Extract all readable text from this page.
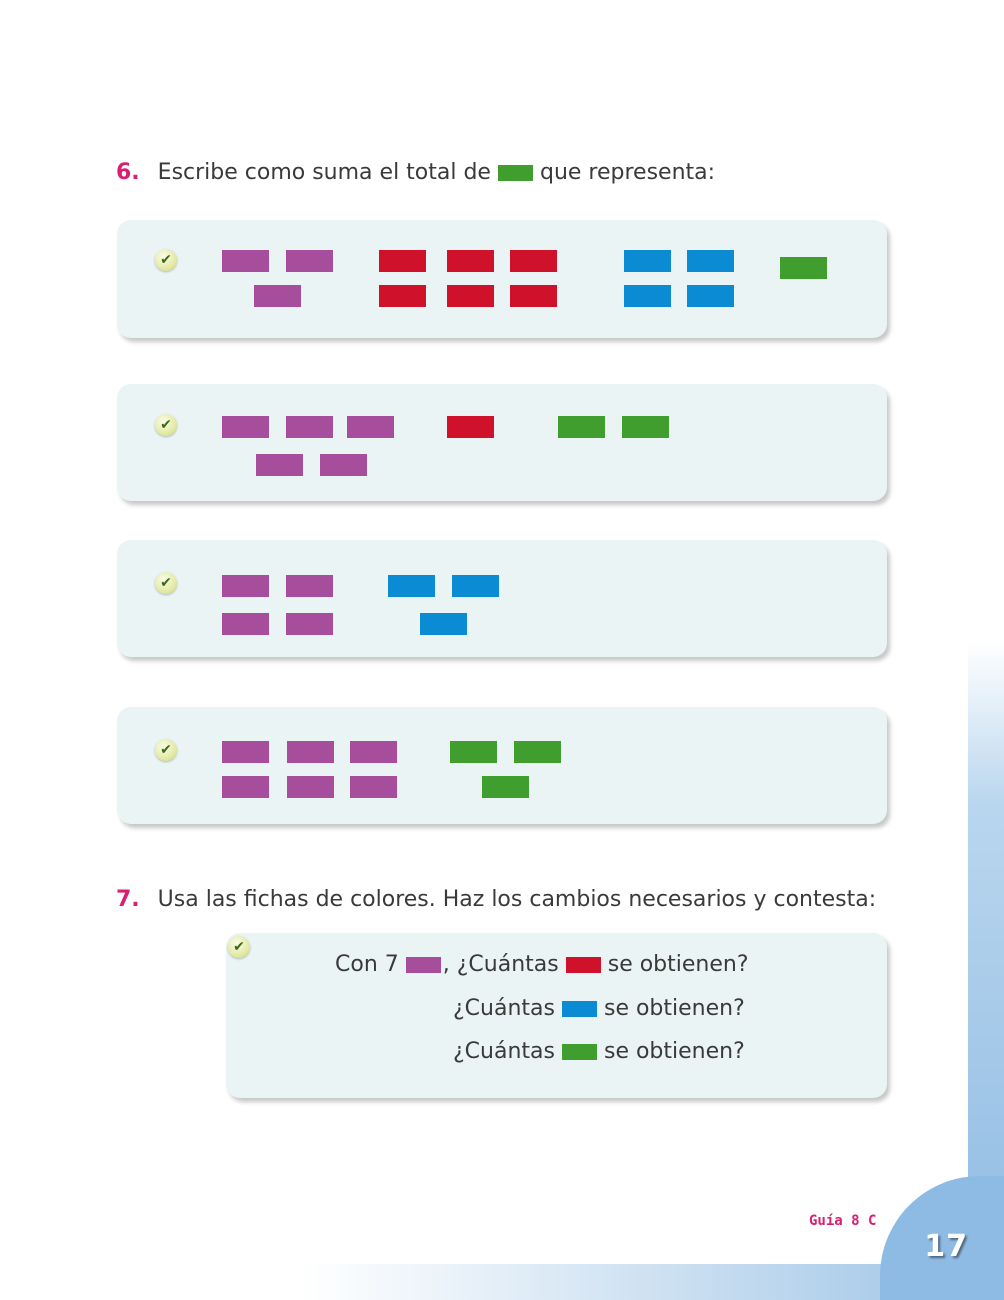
17
Guía 8 C
6. Escribe como suma el total de que representa:
✔
✔
✔
✔
7. Usa las fichas de colores. Haz los cambios necesarios y contesta:
✔
Con 7 , ¿Cuántas se obtienen?
¿Cuántas se obtienen?
¿Cuántas se obtienen?
